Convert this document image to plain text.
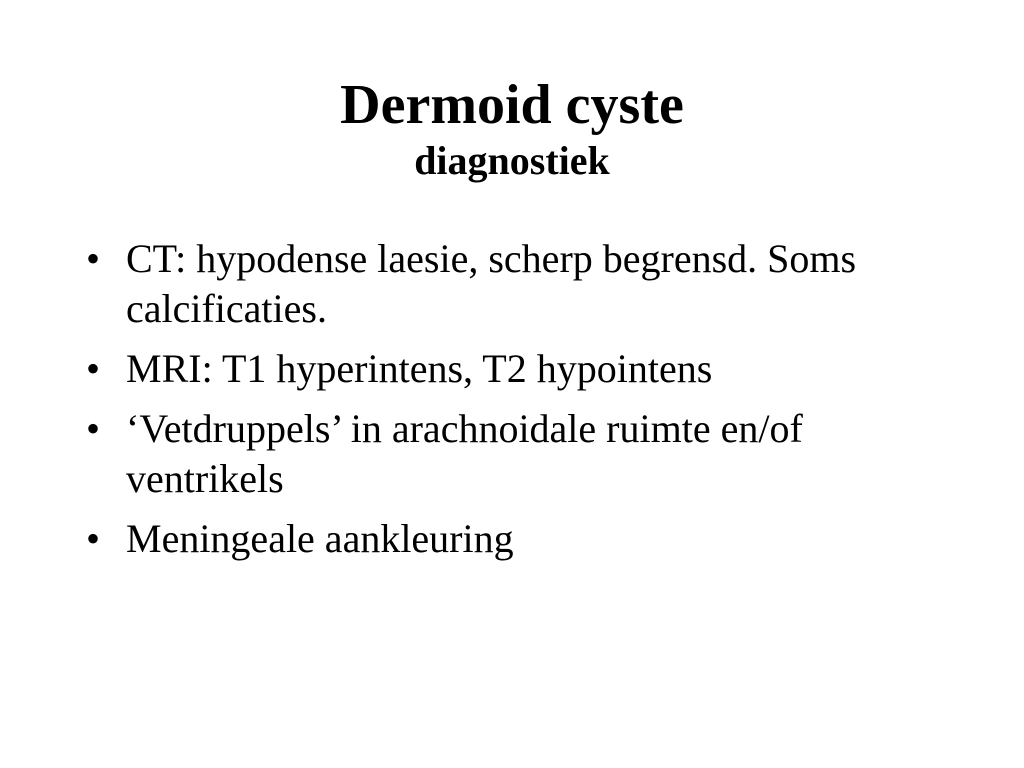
Dermoid cyste
diagnostiek
• CT: hypodense laesie, scherp begrensd. Soms calcificaties.
• MRI: T1 hyperintens, T2 hypointens
• ‘Vetdruppels’ in arachnoidale ruimte en/of ventrikels
• Meningeale aankleuring
